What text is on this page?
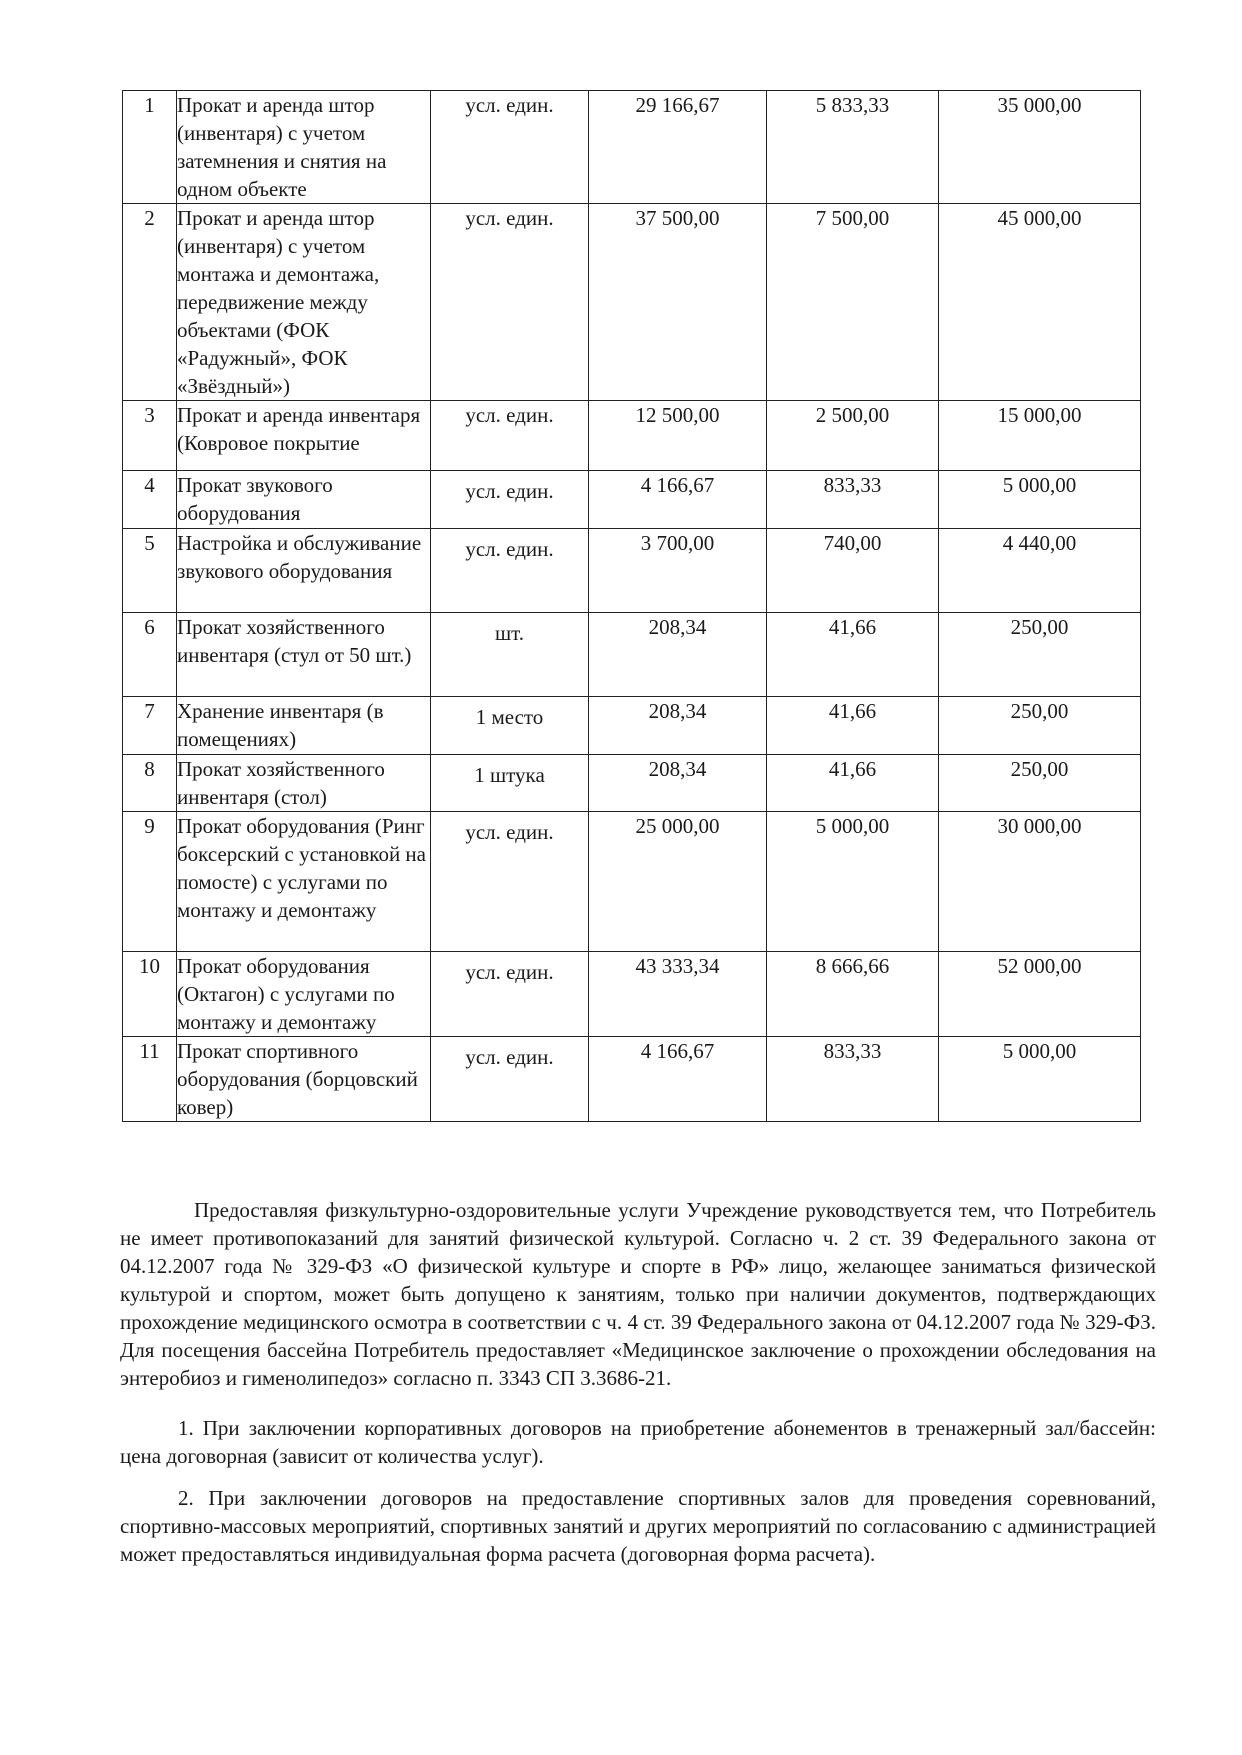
1	Прокат и аренда штор (инвентаря) с учетом затемнения и снятия на одном объекте	усл. един.	29 166,67	5 833,33	35 000,00
2	Прокат и аренда штор (инвентаря) с учетом монтажа и демонтажа, передвижение между объектами (ФОК «Радужный», ФОК «Звёздный»)	усл. един.	37 500,00	7 500,00	45 000,00
3	Прокат и аренда инвентаря (Ковровое покрытие	усл. един.	12 500,00	2 500,00	15 000,00
4	Прокат звукового оборудования	усл. един.	4 166,67	833,33	5 000,00
5	Настройка и обслуживание звукового оборудования	усл. един.	3 700,00	740,00	4 440,00
6	Прокат хозяйственного инвентаря (стул от 50 шт.)	шт.	208,34	41,66	250,00
7	Хранение инвентаря (в помещениях)	1 место	208,34	41,66	250,00
8	Прокат хозяйственного инвентаря (стол)	1 штука	208,34	41,66	250,00
9	Прокат оборудования (Ринг боксерский с установкой на помосте) с услугами по монтажу и демонтажу	усл. един.	25 000,00	5 000,00	30 000,00
10	Прокат оборудования (Октагон) с услугами по монтажу и демонтажу	усл. един.	43 333,34	8 666,66	52 000,00
11	Прокат спортивного оборудования (борцовский ковер)	усл. един.	4 166,67	833,33	5 000,00

Предоставляя физкультурно-оздоровительные услуги Учреждение руководствуется тем, что Потребитель не имеет противопоказаний для занятий физической культурой. Согласно ч. 2 ст. 39 Федерального закона от 04.12.2007 года № 329-ФЗ «О физической культуре и спорте в РФ» лицо, желающее заниматься физической культурой и спортом, может быть допущено к занятиям, только при наличии документов, подтверждающих прохождение медицинского осмотра в соответствии с ч. 4 ст. 39 Федерального закона от 04.12.2007 года № 329-ФЗ. Для посещения бассейна Потребитель предоставляет «Медицинское заключение о прохождении обследования на энтеробиоз и гименолипедоз» согласно п. 3343 СП 3.3686-21.

1. При заключении корпоративных договоров на приобретение абонементов в тренажерный зал/бассейн: цена договорная (зависит от количества услуг).

2. При заключении договоров на предоставление спортивных залов для проведения соревнований, спортивно-массовых мероприятий, спортивных занятий и других мероприятий по согласованию с администрацией может предоставляться индивидуальная форма расчета (договорная форма расчета).
